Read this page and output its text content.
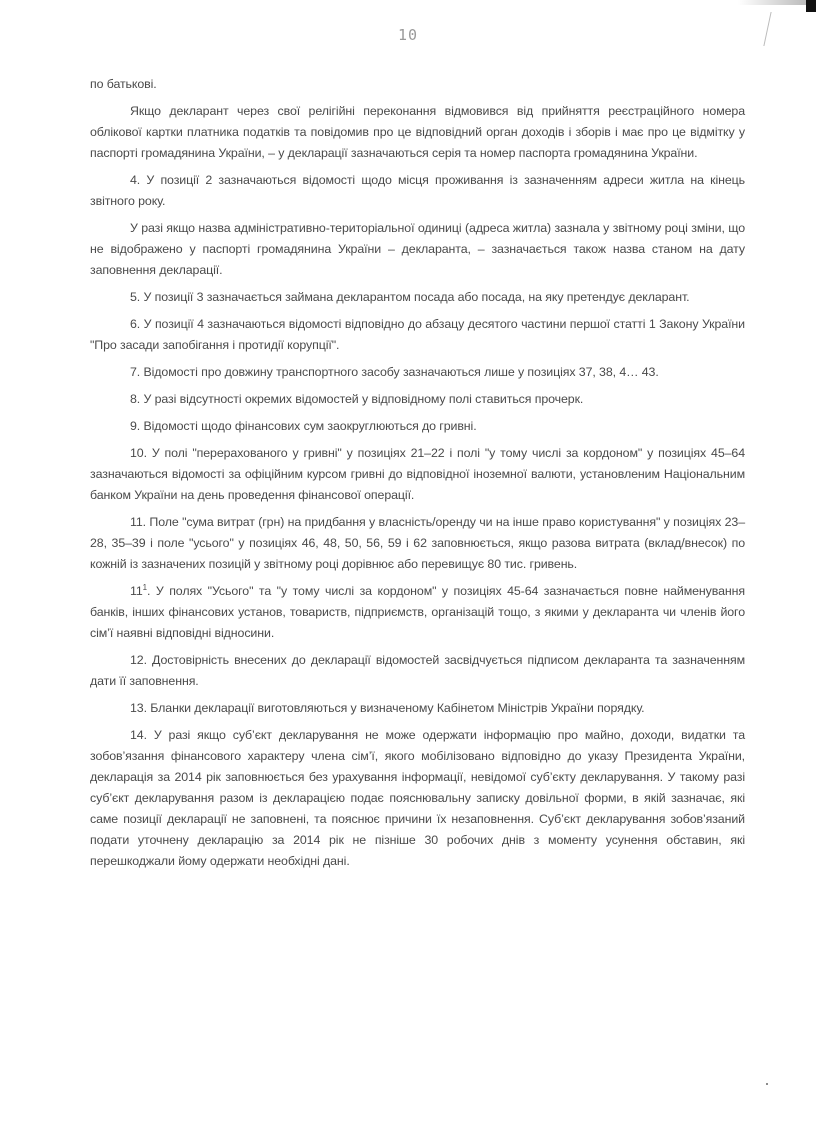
10

по батькові.

Якщо декларант через свої релігійні переконання відмовився від прийняття реєстраційного номера облікової картки платника податків та повідомив про це відповідний орган доходів і зборів і має про це відмітку у паспорті громадянина України, – у декларації зазначаються серія та номер паспорта громадянина України.

4. У позиції 2 зазначаються відомості щодо місця проживання із зазначенням адреси житла на кінець звітного року.

У разі якщо назва адміністративно-територіальної одиниці (адреса житла) зазнала у звітному році зміни, що не відображено у паспорті громадянина України – декларанта, – зазначається також назва станом на дату заповнення декларації.

5. У позиції 3 зазначається займана декларантом посада або посада, на яку претендує декларант.

6. У позиції 4 зазначаються відомості відповідно до абзацу десятого частини першої статті 1 Закону України "Про засади запобігання і протидії корупції".

7. Відомості про довжину транспортного засобу зазначаються лише у позиціях 37, 38, 4… 43.

8. У разі відсутності окремих відомостей у відповідному полі ставиться прочерк.

9. Відомості щодо фінансових сум заокруглюються до гривні.

10. У полі "перерахованого у гривні" у позиціях 21–22 і полі "у тому числі за кордоном" у позиціях 45–64 зазначаються відомості за офіційним курсом гривні до відповідної іноземної валюти, установленим Національним банком України на день проведення фінансової операції.

11. Поле "сума витрат (грн) на придбання у власність/оренду чи на інше право користування" у позиціях 23–28, 35–39 і поле "усього" у позиціях 46, 48, 50, 56, 59 і 62 заповнюється, якщо разова витрата (вклад/внесок) по кожній із зазначених позицій у звітному році дорівнює або перевищує 80 тис. гривень.

$11^1$. У полях "Усього" та "у тому числі за кордоном" у позиціях 45-64 зазначається повне найменування банків, інших фінансових установ, товариств, підприємств, організацій тощо, з якими у декларанта чи членів його сім’ї наявні відповідні відносини.

12. Достовірність внесених до декларації відомостей засвідчується підписом декларанта та зазначенням дати її заповнення.

13. Бланки декларації виготовляються у визначеному Кабінетом Міністрів України порядку.

14. У разі якщо суб’єкт декларування не може одержати інформацію про майно, доходи, видатки та зобов’язання фінансового характеру члена сім’ї, якого мобілізовано відповідно до указу Президента України, декларація за 2014 рік заповнюється без урахування інформації, невідомої суб’єкту декларування. У такому разі суб’єкт декларування разом із декларацією подає пояснювальну записку довільної форми, в якій зазначає, які саме позиції декларації не заповнені, та пояснює причини їх незаповнення. Суб’єкт декларування зобов’язаний подати уточнену декларацію за 2014 рік не пізніше 30 робочих днів з моменту усунення обставин, які перешкоджали йому одержати необхідні дані.
